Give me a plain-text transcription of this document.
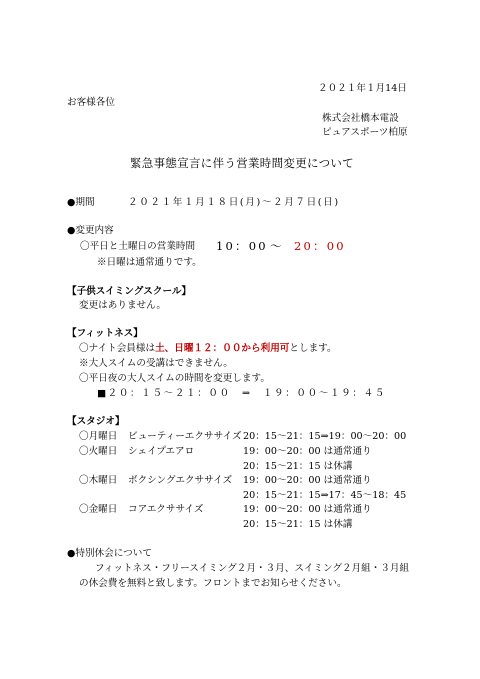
２０２１年１月14日
お客様各位
株式会社橋本電設
ピュアスポーツ柏原
緊急事態宣言に伴う営業時間変更について
●期間	２０２１年１月１８日(月)～２月７日(日)
●変更内容
〇平日と土曜日の営業時間 10：00 ～ 20：00
※日曜は通常通りです。
【子供スイミングスクール】
変更はありません。
【フィットネス】
〇ナイト会員様は土、日曜１２：００から利用可とします。
※大人スイムの受講はできません。
〇平日夜の大人スイムの時間を変更します。
■２０：１５～２１：００　⇒　１９：００～１９：４５
【スタジオ】
〇月曜日 ビューティーエクササイズ 20：15～21：15⇒19：00～20：00
〇火曜日 シェイプエアロ	19：00～20：00 は通常通り
20：15～21：15 は休講
〇木曜日 ボクシングエクササイズ 19：00～20：00 は通常通り
20：15～21：15⇒17：45～18：45
〇金曜日 コアエクササイズ	19：00～20：00 は通常通り
20：15～21：15 は休講
●特別休会について
フィットネス・フリースイミング２月・３月、スイミング２月組・３月組
の休会費を無料と致します。フロントまでお知らせください。
